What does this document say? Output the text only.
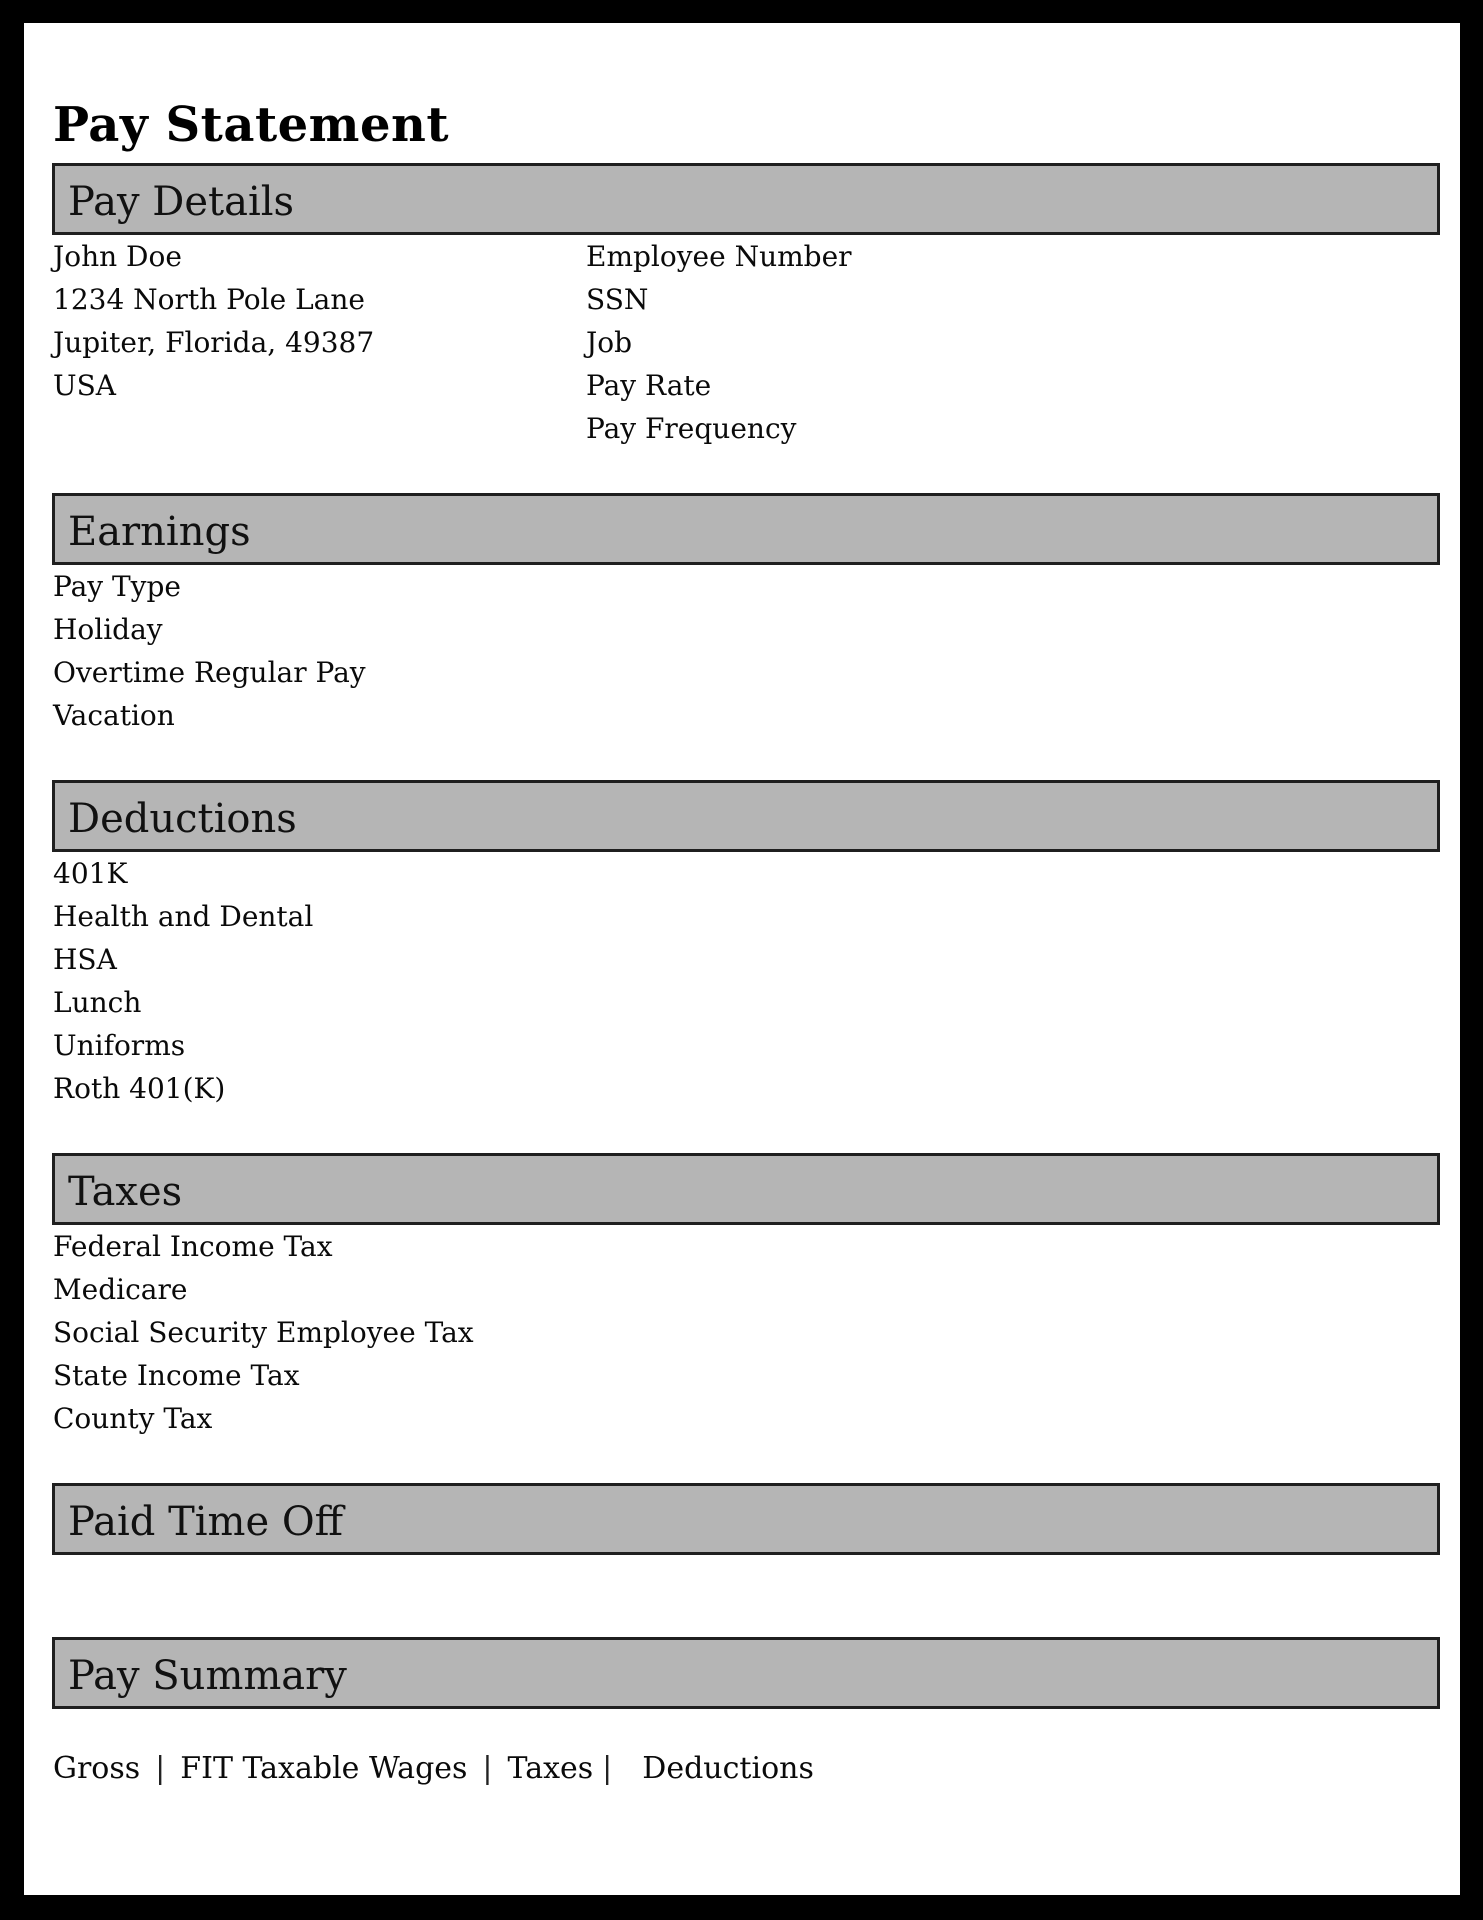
Pay Statement
Pay Details
John Doe
1234 North Pole Lane
Jupiter, Florida, 49387
USA
Employee Number
SSN
Job
Pay Rate
Pay Frequency
Earnings
Pay Type
Holiday
Overtime Regular Pay
Vacation
Deductions
401K
Health and Dental
HSA
Lunch
Uniforms
Roth 401(K)
Taxes
Federal Income Tax
Medicare
Social Security Employee Tax
State Income Tax
County Tax
Paid Time Off
Pay Summary
Gross | FIT Taxable Wages | Taxes | Deductions
